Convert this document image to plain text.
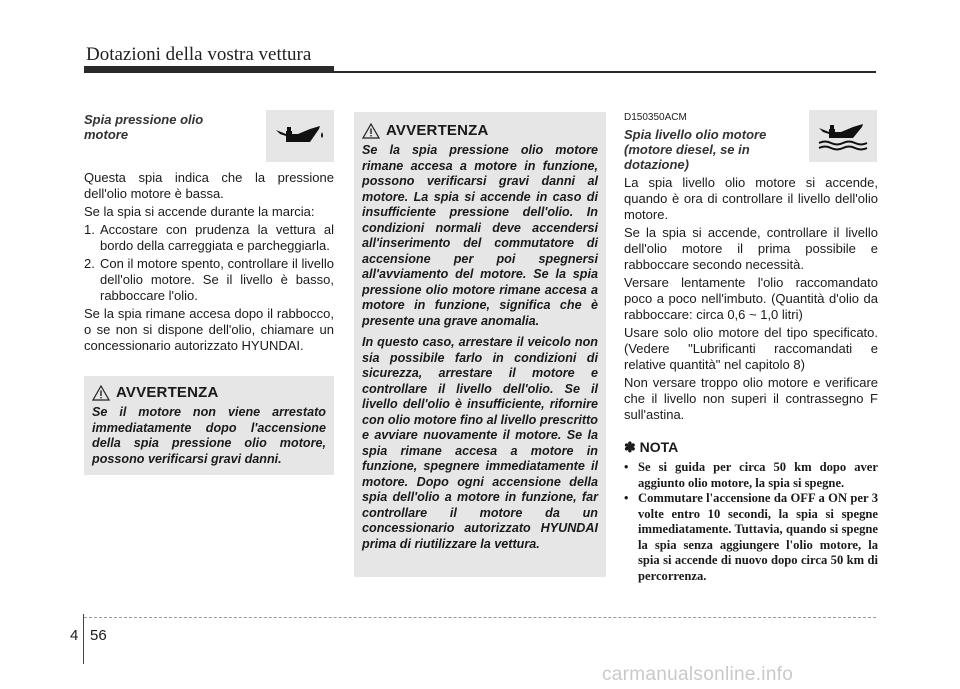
Dotazioni della vostra vettura
Spia pressione olio
motore

Questa spia indica che la pressione dell'olio motore è bassa.

Se la spia si accende durante la marcia:

1. Accostare con prudenza la vettura al bordo della carreggiata e parcheggiarla.
2. Con il motore spento, controllare il livello dell'olio motore. Se il livello è basso, rabboccare l'olio.

Se la spia rimane accesa dopo il rabbocco, o se non si dispone dell'olio, chiamare un concessionario autorizzato HYUNDAI.

AVVERTENZA
Se il motore non viene arrestato immediatamente dopo l'accensione della spia pressione olio motore, possono verificarsi gravi danni.
AVVERTENZA

Se la spia pressione olio motore rimane accesa a motore in funzione, possono verificarsi gravi danni al motore. La spia si accende in caso di insufficiente pressione dell'olio. In condizioni normali deve accendersi all'inserimento del commutatore di accensione per poi spegnersi all'avviamento del motore. Se la spia pressione olio motore rimane accesa a motore in funzione, significa che è presente una grave anomalia.

In questo caso, arrestare il veicolo non sia possibile farlo in condizioni di sicurezza, arrestare il motore e controllare il livello dell'olio. Se il livello dell'olio è insufficiente, rifornire con olio motore fino al livello prescritto e avviare nuovamente il motore. Se la spia rimane accesa a motore in funzione, spegnere immediatamente il motore. Dopo ogni accensione della spia dell'olio a motore in funzione, far controllare il motore da un concessionario autorizzato HYUNDAI prima di riutilizzare la vettura.

D150350ACM
Spia livello olio motore
(motore diesel, se in
dotazione)

La spia livello olio motore si accende, quando è ora di controllare il livello dell'olio motore.

Se la spia si accende, controllare il livello dell'olio motore il prima possibile e rabboccare secondo necessità.

Versare lentamente l'olio raccomandato poco a poco nell'imbuto. (Quantità d'olio da rabboccare: circa 0,6 ~ 1,0 litri)

Usare solo olio motore del tipo specificato. (Vedere "Lubrificanti raccomandati e relative quantità" nel capitolo 8)

Non versare troppo olio motore e verificare che il livello non superi il contrassegno F sull'astina.

✽ NOTA
• Se si guida per circa 50 km dopo aver aggiunto olio motore, la spia si spegne.
• Commutare l'accensione da OFF a ON per 3 volte entro 10 secondi, la spia si spegne immediatamente. Tuttavia, quando si spegne la spia senza aggiungere l'olio motore, la spia si accende di nuovo dopo circa 50 km di percorrenza.
4 56
carmanualsonline.info
